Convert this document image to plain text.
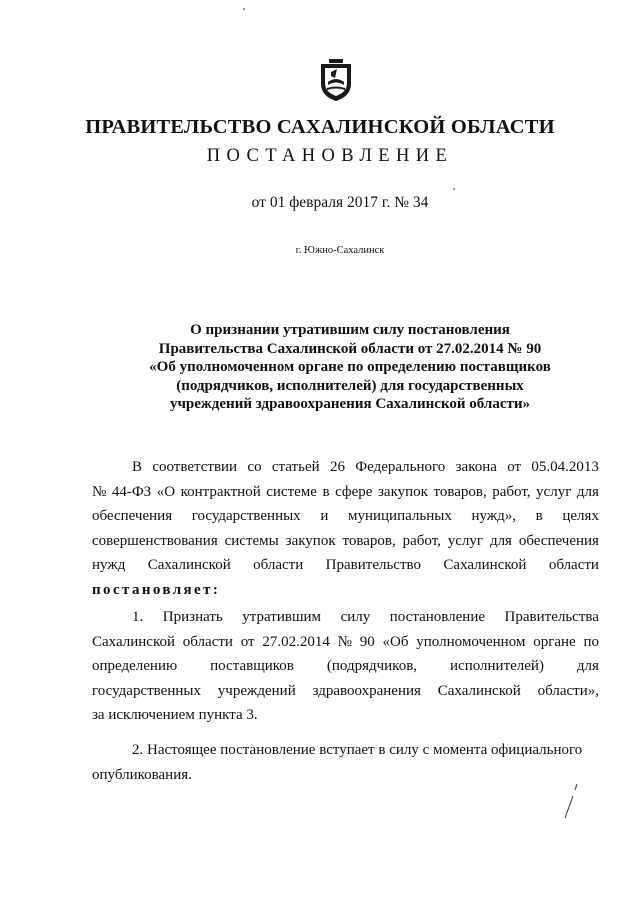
ПРАВИТЕЛЬСТВО САХАЛИНСКОЙ ОБЛАСТИ
ПОСТАНОВЛЕНИЕ
от 01 февраля 2017 г. № 34
г. Южно-Сахалинск
О признании утратившим силу постановления
Правительства Сахалинской области от 27.02.2014 № 90
«Об уполномоченном органе по определению поставщиков
(подрядчиков, исполнителей) для государственных
учреждений здравоохранения Сахалинской области»
В соответствии со статьей 26 Федерального закона от 05.04.2013
№ 44-ФЗ «О контрактной системе в сфере закупок товаров, работ, услуг для
обеспечения государственных и муниципальных нужд», в целях
совершенствования системы закупок товаров, работ, услуг для обеспечения
нужд Сахалинской области Правительство Сахалинской области
постановляет:
1. Признать утратившим силу постановление Правительства
Сахалинской области от 27.02.2014 № 90 «Об уполномоченном органе по
определению поставщиков (подрядчиков, исполнителей) для
государственных учреждений здравоохранения Сахалинской области»,
за исключением пункта 3.
2. Настоящее постановление вступает в силу с момента официального
опубликования.
